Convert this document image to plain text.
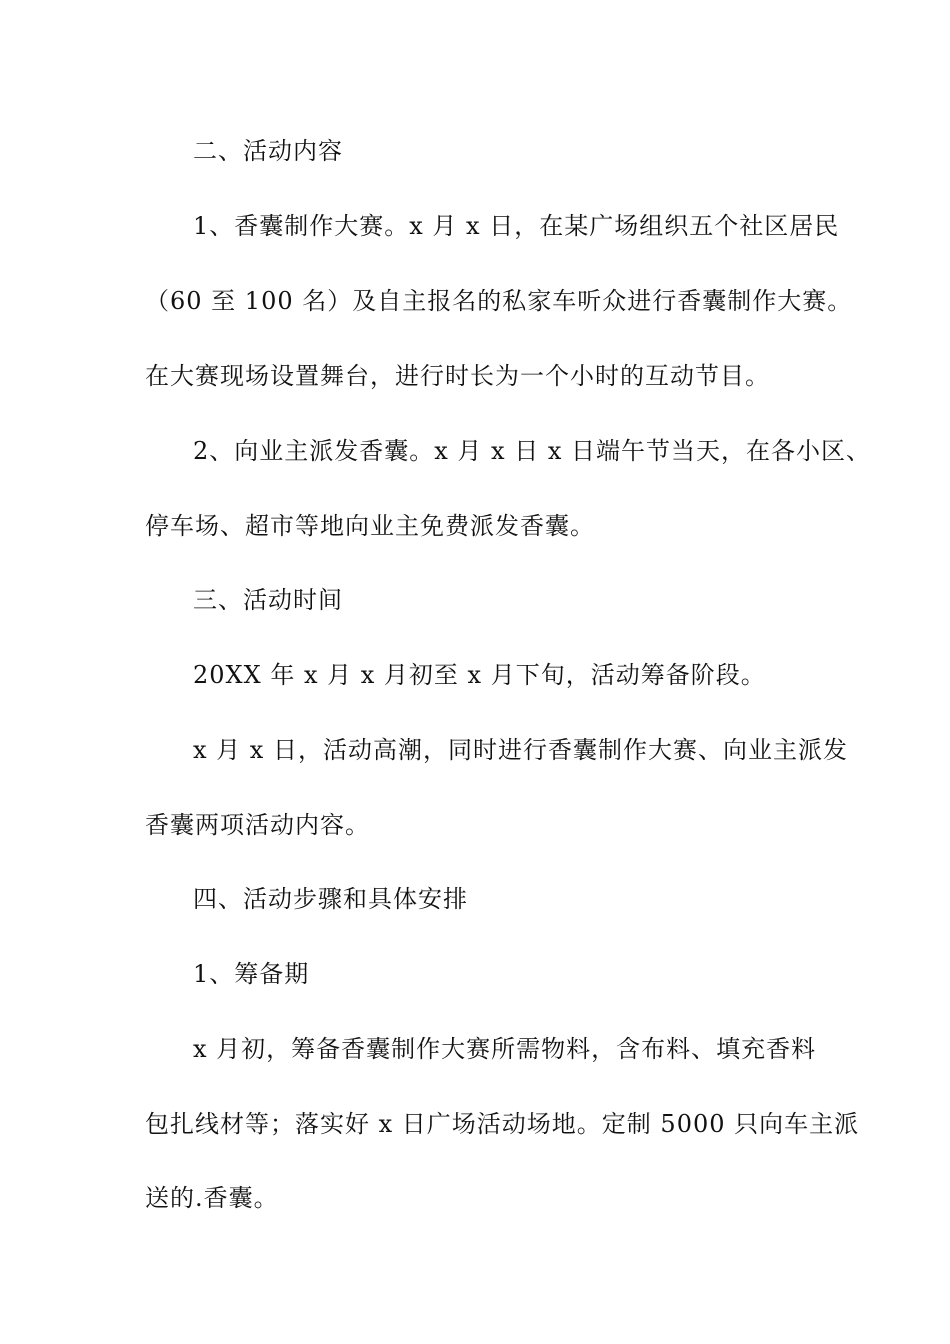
二、活动内容
1、香囊制作大赛。x 月 x 日，在某广场组织五个社区居民
（60 至 100 名）及自主报名的私家车听众进行香囊制作大赛。
在大赛现场设置舞台，进行时长为一个小时的互动节目。
2、向业主派发香囊。x 月 x 日 x 日端午节当天，在各小区、
停车场、超市等地向业主免费派发香囊。
三、活动时间
20XX 年 x 月 x 月初至 x 月下旬，活动筹备阶段。
x 月 x 日，活动高潮，同时进行香囊制作大赛、向业主派发
香囊两项活动内容。
四、活动步骤和具体安排
1、筹备期
x 月初，筹备香囊制作大赛所需物料，含布料、填充香料
包扎线材等；落实好 x 日广场活动场地。定制 5000 只向车主派
送的.香囊。
